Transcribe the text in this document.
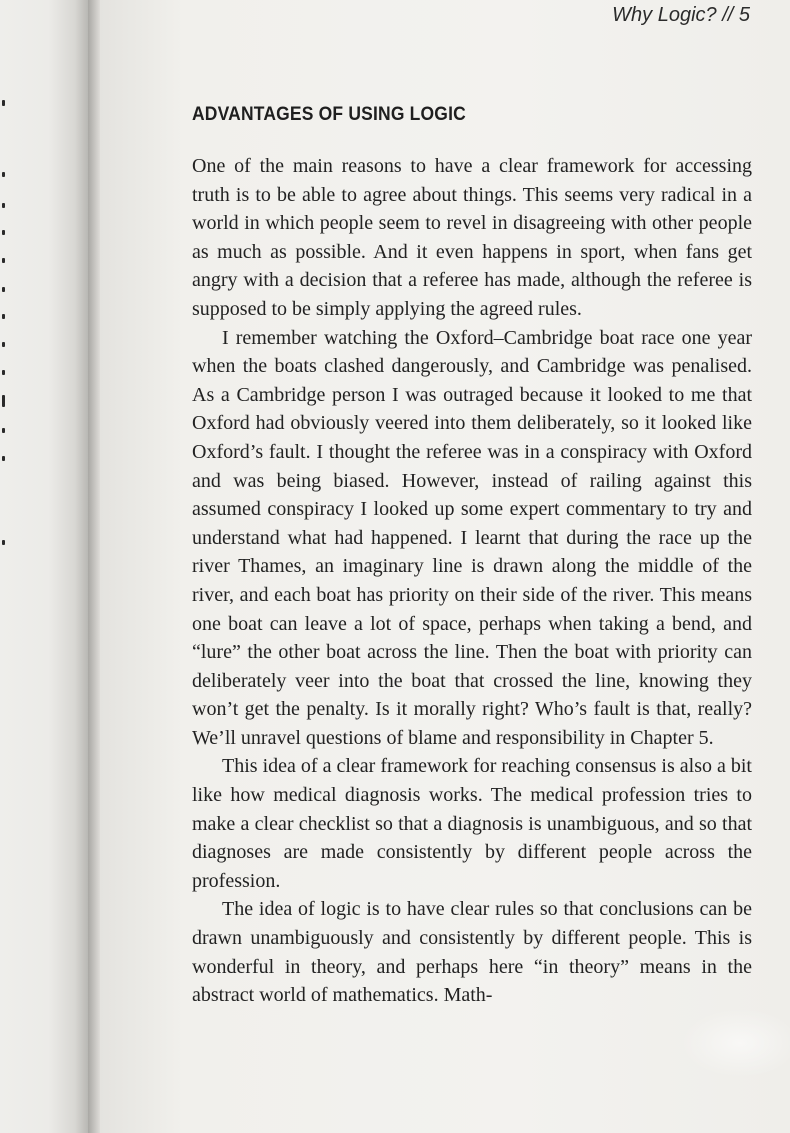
Why Logic? // 5
ADVANTAGES OF USING LOGIC

One of the main reasons to have a clear framework for accessing truth is to be able to agree about things. This seems very radical in a world in which people seem to revel in disagreeing with other people as much as possible. And it even happens in sport, when fans get angry with a decision that a referee has made, although the referee is supposed to be simply applying the agreed rules.

I remember watching the Oxford–Cambridge boat race one year when the boats clashed dangerously, and Cambridge was penalised. As a Cambridge person I was outraged because it looked to me that Oxford had obviously veered into them deliberately, so it looked like Oxford’s fault. I thought the referee was in a conspiracy with Oxford and was being biased. However, instead of railing against this assumed conspiracy I looked up some expert commentary to try and understand what had happened. I learnt that during the race up the river Thames, an imaginary line is drawn along the middle of the river, and each boat has priority on their side of the river. This means one boat can leave a lot of space, perhaps when taking a bend, and “lure” the other boat across the line. Then the boat with priority can deliberately veer into the boat that crossed the line, knowing they won’t get the penalty. Is it morally right? Who’s fault is that, really? We’ll unravel questions of blame and responsibility in Chapter 5.

This idea of a clear framework for reaching consensus is also a bit like how medical diagnosis works. The medical profession tries to make a clear checklist so that a diagnosis is unambiguous, and so that diagnoses are made consistently by different people across the profession.

The idea of logic is to have clear rules so that conclusions can be drawn unambiguously and consistently by different people. This is wonderful in theory, and perhaps here “in theory” means in the abstract world of mathematics. Math-
